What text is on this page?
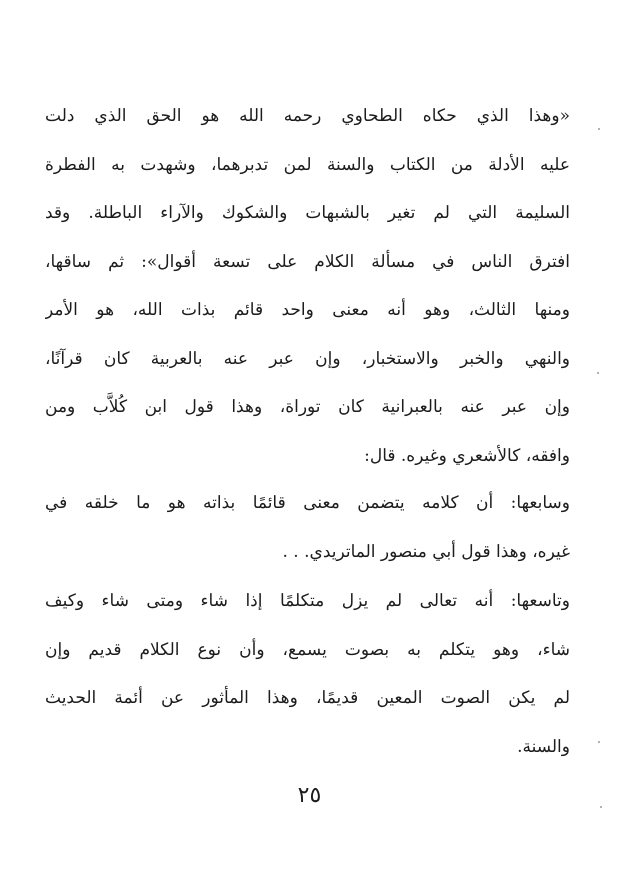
«وهذا الذي حكاه الطحاوي رحمه الله هو الحق الذي دلت
عليه الأدلة من الكتاب والسنة لمن تدبرهما، وشهدت به الفطرة
السليمة التي لم تغير بالشبهات والشكوك والآراء الباطلة. وقد
افترق الناس في مسألة الكلام على تسعة أقوال»: ثم ساقها،
ومنها الثالث، وهو أنه معنى واحد قائم بذات الله، هو الأمر
والنهي والخبر والاستخبار، وإن عبر عنه بالعربية كان قرآنًا،
وإن عبر عنه بالعبرانية كان توراة، وهذا قول ابن كُلاَّب ومن
وافقه، كالأشعري وغيره. قال:
وسابعها: أن كلامه يتضمن معنى قائمًا بذاته هو ما خلقه في
غيره، وهذا قول أبي منصور الماتريدي. . .
وتاسعها: أنه تعالى لم يزل متكلمًا إذا شاء ومتى شاء وكيف
شاء، وهو يتكلم به بصوت يسمع، وأن نوع الكلام قديم وإن
لم يكن الصوت المعين قديمًا، وهذا المأثور عن أئمة الحديث
والسنة.
٢٥
